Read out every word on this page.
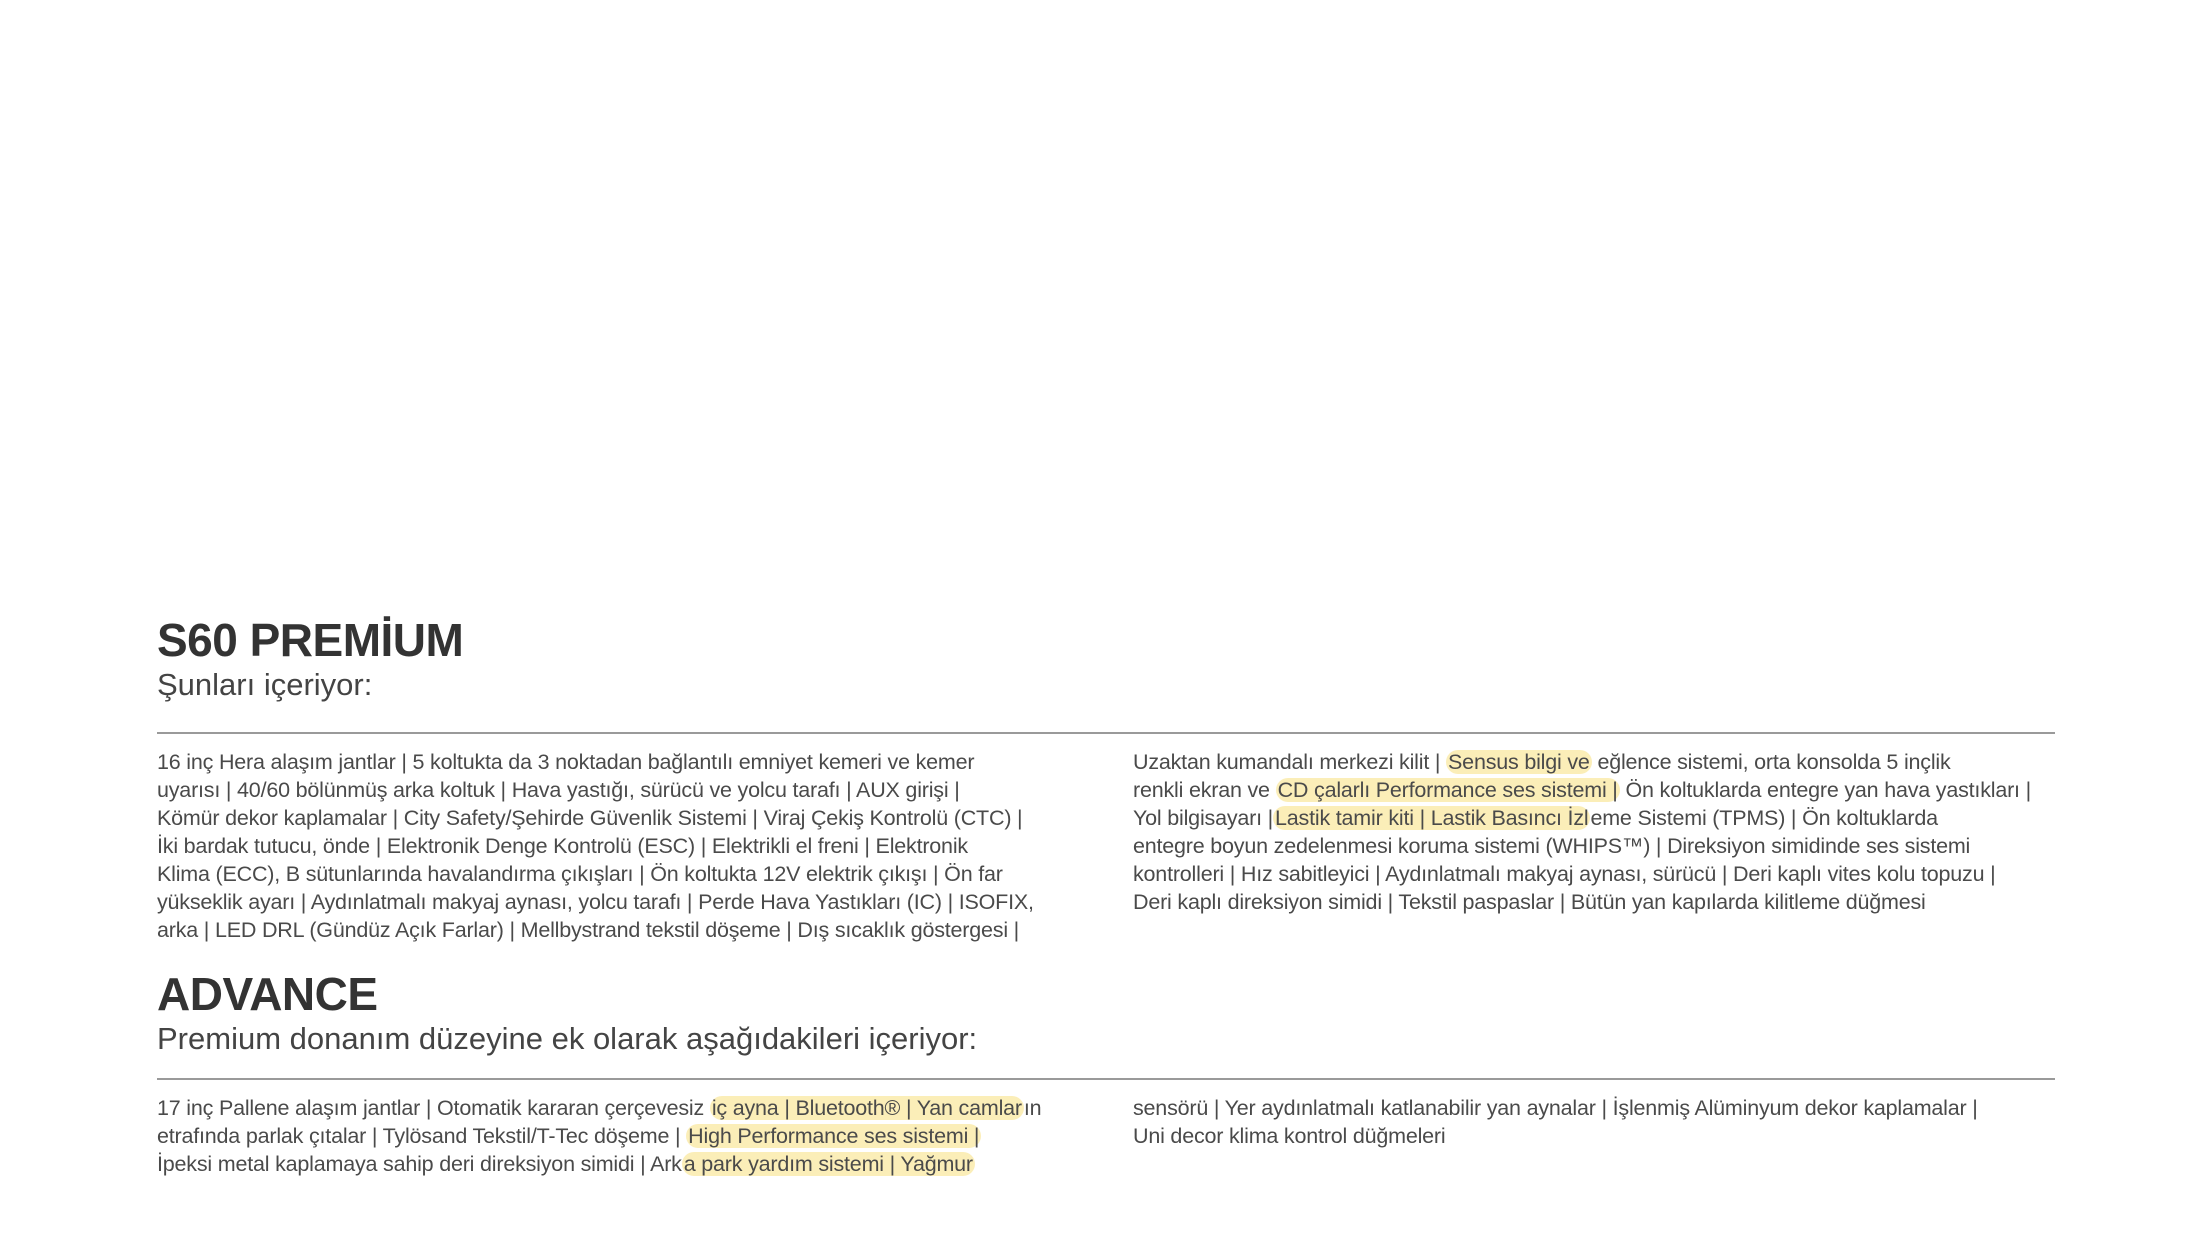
S60 PREMİUM

Şunları içeriyor:

16 inç Hera alaşım jantlar | 5 koltukta da 3 noktadan bağlantılı emniyet kemeri ve kemer
uyarısı | 40/60 bölünmüş arka koltuk | Hava yastığı, sürücü ve yolcu tarafı | AUX girişi |
Kömür dekor kaplamalar | City Safety/Şehirde Güvenlik Sistemi | Viraj Çekiş Kontrolü (CTC) |
İki bardak tutucu, önde | Elektronik Denge Kontrolü (ESC) | Elektrikli el freni | Elektronik
Klima (ECC), B sütunlarında havalandırma çıkışları | Ön koltukta 12V elektrik çıkışı | Ön far
yükseklik ayarı | Aydınlatmalı makyaj aynası, yolcu tarafı | Perde Hava Yastıkları (IC) | ISOFIX,
arka | LED DRL (Gündüz Açık Farlar) | Mellbystrand tekstil döşeme | Dış sıcaklık göstergesi |
Uzaktan kumandalı merkezi kilit | Sensus bilgi ve eğlence sistemi, orta konsolda 5 inçlik
renkli ekran ve CD çalarlı Performance ses sistemi | Ön koltuklarda entegre yan hava yastıkları |
Yol bilgisayarı |Lastik tamir kiti | Lastik Basıncı İzleme Sistemi (TPMS) | Ön koltuklarda
entegre boyun zedelenmesi koruma sistemi (WHIPS™) | Direksiyon simidinde ses sistemi
kontrolleri | Hız sabitleyici | Aydınlatmalı makyaj aynası, sürücü | Deri kaplı vites kolu topuzu |
Deri kaplı direksiyon simidi | Tekstil paspaslar | Bütün yan kapılarda kilitleme düğmesi
ADVANCE

Premium donanım düzeyine ek olarak aşağıdakileri içeriyor:

17 inç Pallene alaşım jantlar | Otomatik kararan çerçevesiz iç ayna | Bluetooth® | Yan camların
etrafında parlak çıtalar | Tylösand Tekstil/T-Tec döşeme | High Performance ses sistemi |
İpeksi metal kaplamaya sahip deri direksiyon simidi | Arka park yardım sistemi | Yağmur
sensörü | Yer aydınlatmalı katlanabilir yan aynalar | İşlenmiş Alüminyum dekor kaplamalar |
Uni decor klima kontrol düğmeleri
